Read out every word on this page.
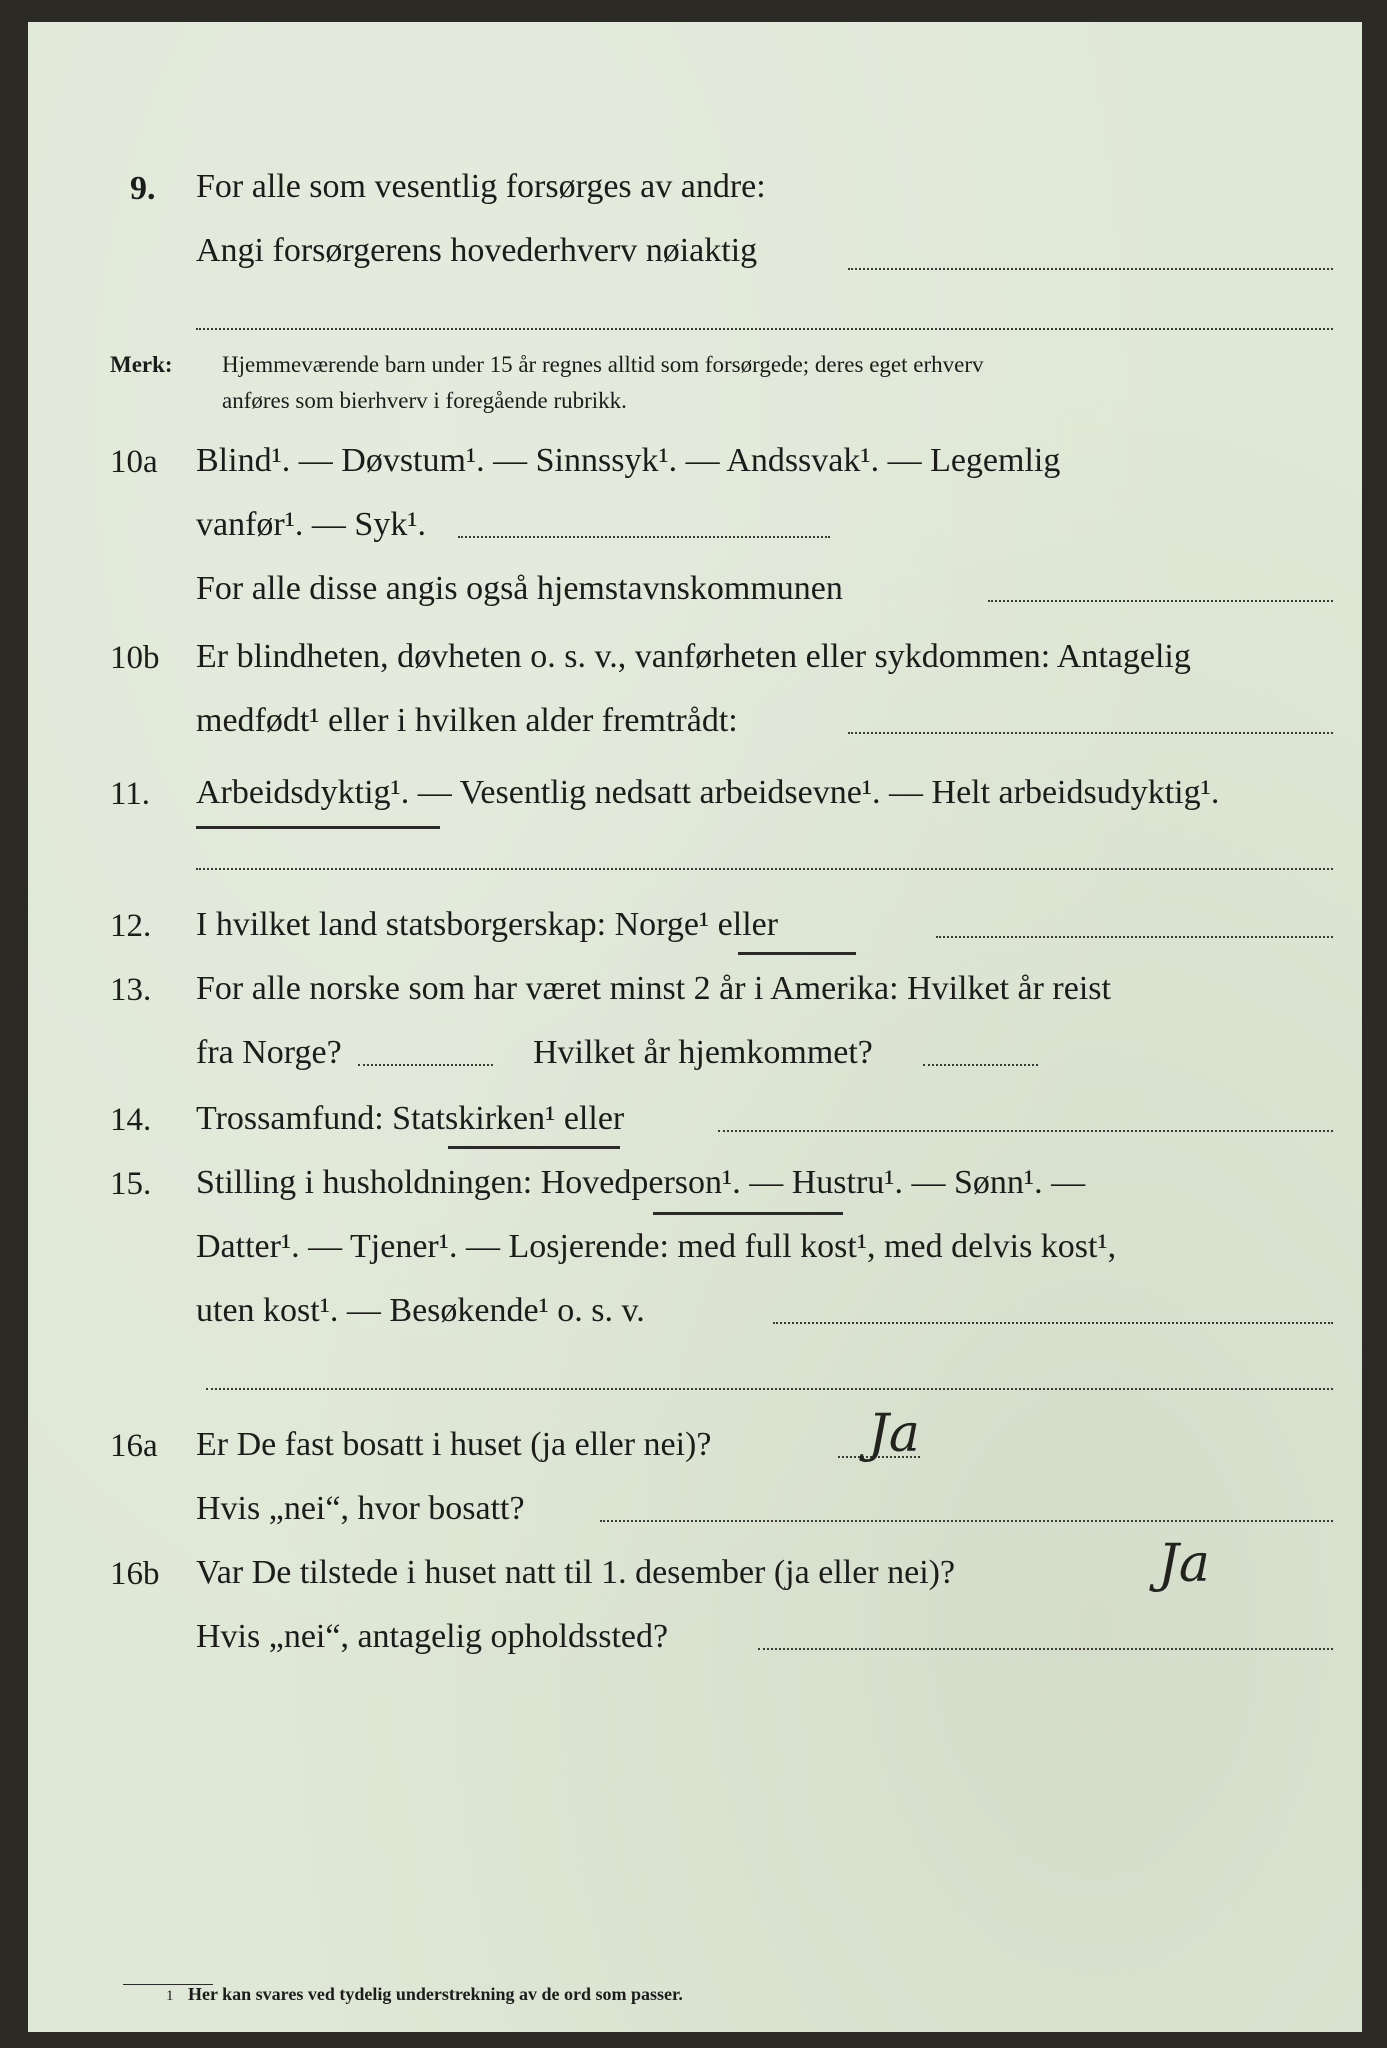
9. For alle som vesentlig forsørges av andre:
Angi forsørgerens hovederhverv nøiaktig
Merk: Hjemmeværende barn under 15 år regnes alltid som forsørgede; deres eget erhverv
anføres som bierhverv i foregående rubrikk.
10a Blind¹. — Døvstum¹. — Sinnssyk¹. — Andssvak¹. — Legemlig
vanfør¹. — Syk¹.
For alle disse angis også hjemstavnskommunen
10b Er blindheten, døvheten o. s. v., vanførheten eller sykdommen: Antagelig
medfødt¹ eller i hvilken alder fremtrådt:
11. Arbeidsdyktig¹. — Vesentlig nedsatt arbeidsevne¹. — Helt arbeidsudyktig¹.
12. I hvilket land statsborgerskap: Norge¹ eller
13. For alle norske som har været minst 2 år i Amerika: Hvilket år reist
fra Norge?	Hvilket år hjemkommet?
14. Trossamfund: Statskirken¹ eller
15. Stilling i husholdningen: Hovedperson¹. — Hustru¹. — Sønn¹. —
Datter¹. — Tjener¹. — Losjerende: med full kost¹, med delvis kost¹,
uten kost¹. — Besøkende¹ o. s. v.
16a Er De fast bosatt i huset (ja eller nei)?	Ja
Hvis „nei“, hvor bosatt?
16b Var De tilstede i huset natt til 1. desember (ja eller nei)?	Ja
Hvis „nei“, antagelig opholdssted?
1 Her kan svares ved tydelig understrekning av de ord som passer.
